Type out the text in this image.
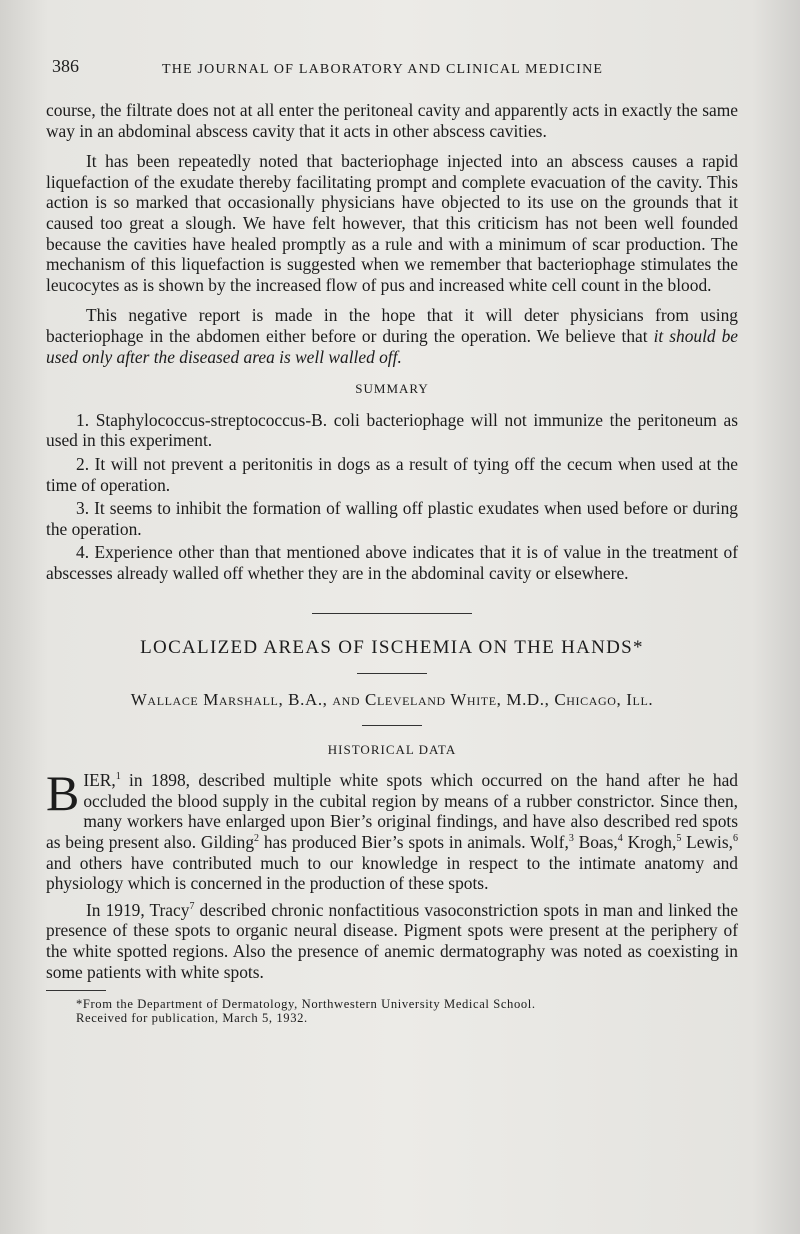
386	THE JOURNAL OF LABORATORY AND CLINICAL MEDICINE

course, the filtrate does not at all enter the peritoneal cavity and apparently acts in exactly the same way in an abdominal abscess cavity that it acts in other abscess cavities.

It has been repeatedly noted that bacteriophage injected into an abscess causes a rapid liquefaction of the exudate thereby facilitating prompt and complete evacuation of the cavity. This action is so marked that occasionally physicians have objected to its use on the grounds that it caused too great a slough. We have felt however, that this criticism has not been well founded because the cavities have healed promptly as a rule and with a minimum of scar production. The mechanism of this liquefaction is suggested when we remember that bacteriophage stimulates the leucocytes as is shown by the increased flow of pus and increased white cell count in the blood.

This negative report is made in the hope that it will deter physicians from using bacteriophage in the abdomen either before or during the operation. We believe that it should be used only after the diseased area is well walled off.

SUMMARY

1. Staphylococcus-streptococcus-B. coli bacteriophage will not immunize the peritoneum as used in this experiment.

2. It will not prevent a peritonitis in dogs as a result of tying off the cecum when used at the time of operation.

3. It seems to inhibit the formation of walling off plastic exudates when used before or during the operation.

4. Experience other than that mentioned above indicates that it is of value in the treatment of abscesses already walled off whether they are in the abdominal cavity or elsewhere.

LOCALIZED AREAS OF ISCHEMIA ON THE HANDS*
Wallace Marshall, B.A., and Cleveland White, M.D., Chicago, Ill.
HISTORICAL DATA

BIER,$^1$ in 1898, described multiple white spots which occurred on the hand after he had occluded the blood supply in the cubital region by means of a rubber constrictor. Since then, many workers have enlarged upon Bier’s original findings, and have also described red spots as being present also. Gilding$^2$ has produced Bier’s spots in animals. Wolf,$^3$ Boas,$^4$ Krogh,$^5$ Lewis,$^6$ and others have contributed much to our knowledge in respect to the intimate anatomy and physiology which is concerned in the production of these spots.

In 1919, Tracy$^7$ described chronic nonfactitious vasoconstriction spots in man and linked the presence of these spots to organic neural disease. Pigment spots were present at the periphery of the white spotted regions. Also the presence of anemic dermatography was noted as coexisting in some patients with white spots.

*From the Department of Dermatology, Northwestern University Medical School.
Received for publication, March 5, 1932.
